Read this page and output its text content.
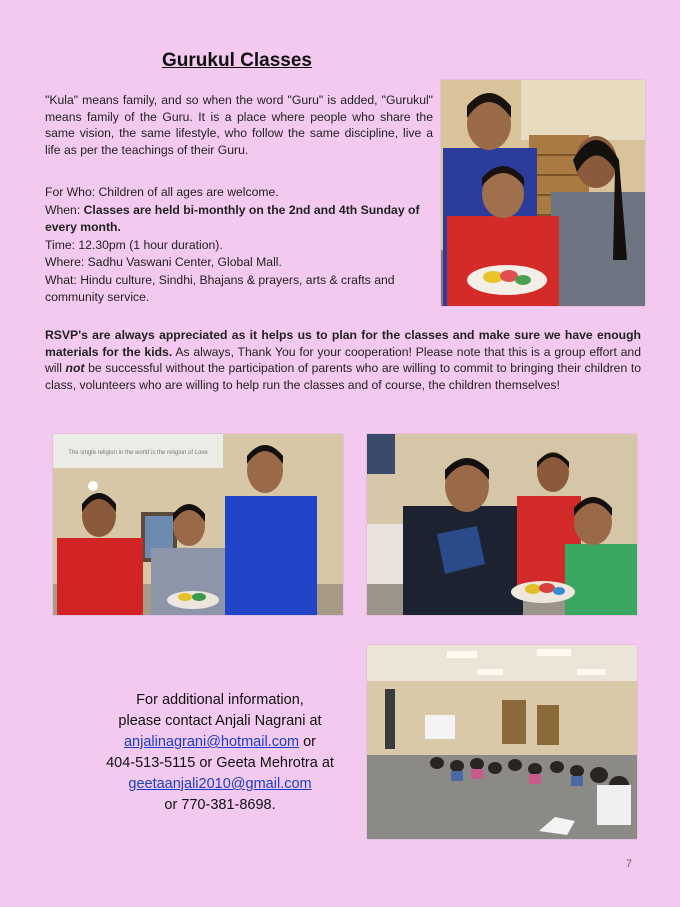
Gurukul Classes
"Kula" means family, and so when the word "Guru" is added, "Gurukul" means family of the Guru. It is a place where people who share the same vision, the same lifestyle, who follow the same discipline, live a life as per the teachings of their Guru.
For Who: Children of all ages are welcome.
When: Classes are held bi-monthly on the 2nd and 4th Sunday of every month.
Time: 12.30pm (1 hour duration).
Where: Sadhu Vaswani Center, Global Mall.
What: Hindu culture, Sindhi, Bhajans & prayers, arts & crafts and community service.
RSVP's are always appreciated as it helps us to plan for the classes and make sure we have enough materials for the kids. As always, Thank You for your cooperation! Please note that this is a group effort and will not be successful without the participation of parents who are willing to commit to bringing their children to class, volunteers who are willing to help run the classes and of course, the children themselves!
The single religion in the world is the religion of Love
For additional information,
please contact Anjali Nagrani at
anjalinagrani@hotmail.com or
404-513-5115 or Geeta Mehrotra at
geetaanjali2010@gmail.com
or 770-381-8698.
7
